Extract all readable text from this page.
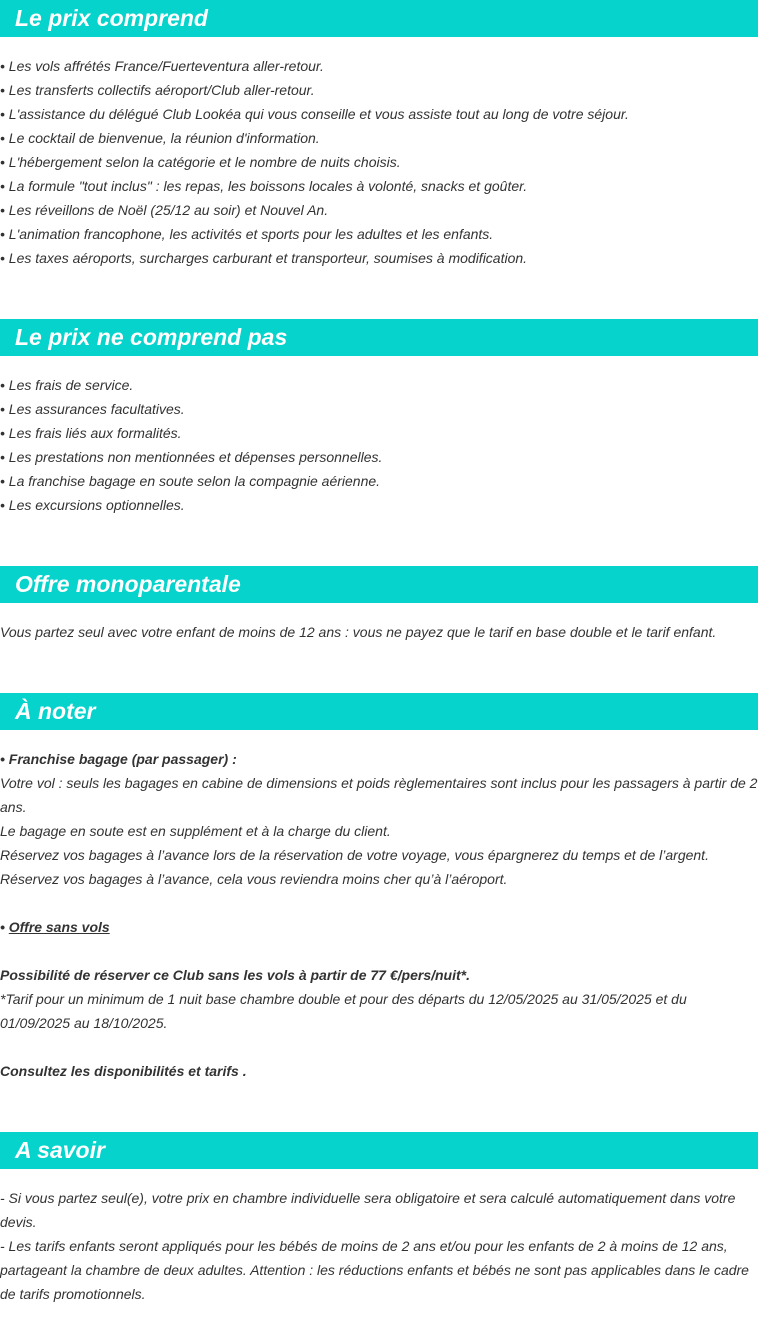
Le prix comprend
• Les vols affrétés France/Fuerteventura aller-retour.
• Les transferts collectifs aéroport/Club aller-retour.
• L'assistance du délégué Club Lookéa qui vous conseille et vous assiste tout au long de votre séjour.
• Le cocktail de bienvenue, la réunion d'information.
• L'hébergement selon la catégorie et le nombre de nuits choisis.
• La formule "tout inclus" : les repas, les boissons locales à volonté, snacks et goûter.
• Les réveillons de Noël (25/12 au soir) et Nouvel An.
• L'animation francophone, les activités et sports pour les adultes et les enfants.
• Les taxes aéroports, surcharges carburant et transporteur, soumises à modification.
Le prix ne comprend pas
• Les frais de service.
• Les assurances facultatives.
• Les frais liés aux formalités.
• Les prestations non mentionnées et dépenses personnelles.
• La franchise bagage en soute selon la compagnie aérienne.
• Les excursions optionnelles.
Offre monoparentale
Vous partez seul avec votre enfant de moins de 12 ans : vous ne payez que le tarif en base double et le tarif enfant.
À noter
• Franchise bagage (par passager) :
Votre vol : seuls les bagages en cabine de dimensions et poids règlementaires sont inclus pour les passagers à partir de 2 ans.
Le bagage en soute est en supplément et à la charge du client.
Réservez vos bagages à l’avance lors de la réservation de votre voyage, vous épargnerez du temps et de l’argent.
Réservez vos bagages à l’avance, cela vous reviendra moins cher qu’à l’aéroport.
• Offre sans vols
Possibilité de réserver ce Club sans les vols à partir de 77 €/pers/nuit*.
*Tarif pour un minimum de 1 nuit base chambre double et pour des départs du 12/05/2025 au 31/05/2025 et du 01/09/2025 au 18/10/2025.
Consultez les disponibilités et tarifs .
A savoir
- Si vous partez seul(e), votre prix en chambre individuelle sera obligatoire et sera calculé automatiquement dans votre devis.
- Les tarifs enfants seront appliqués pour les bébés de moins de 2 ans et/ou pour les enfants de 2 à moins de 12 ans, partageant la chambre de deux adultes. Attention : les réductions enfants et bébés ne sont pas applicables dans le cadre de tarifs promotionnels.
